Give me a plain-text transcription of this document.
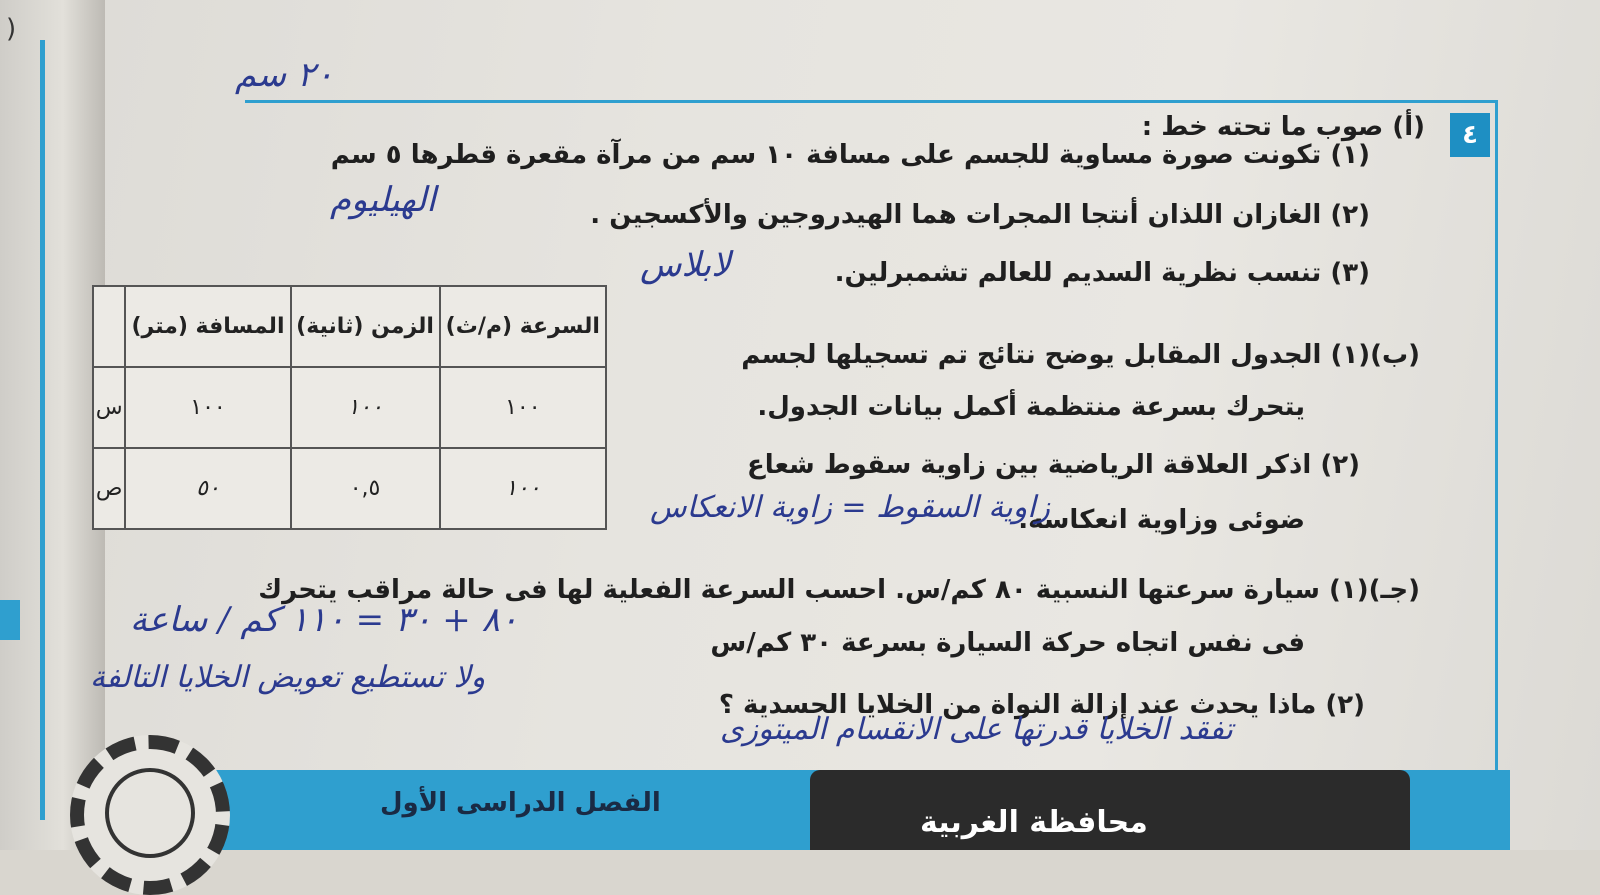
)
٤
٢٠ سم
(أ) صوب ما تحته خط :
(١) تكونت صورة مساوية للجسم على مسافة ١٠ سم من مرآة مقعرة قطرها ٥ سم
(٢) الغازان اللذان أنتجا المجرات هما الهيدروجين والأكسجين .
الهيليوم
(٣) تنسب نظرية السديم للعالم تشمبرلين.
لابلاس
السرعة (م/ث)	الزمن (ثانية)	المسافة (متر)	
١٠٠	١٠٠	١٠٠	س
١٠٠	٠,٥	٥٠	ص
(ب)(١) الجدول المقابل يوضح نتائج تم تسجيلها لجسم
يتحرك بسرعة منتظمة أكمل بيانات الجدول.
(٢) اذكر العلاقة الرياضية بين زاوية سقوط شعاع
ضوئى وزاوية انعكاسه.
زاوية السقوط = زاوية الانعكاس
(جـ)(١) سيارة سرعتها النسبية ٨٠ كم/س. احسب السرعة الفعلية لها فى حالة مراقب يتحرك
٨٠ + ٣٠ = ١١٠ كم / ساعة
فى نفس اتجاه حركة السيارة بسرعة ٣٠ كم/س
(٢) ماذا يحدث عند إزالة النواة من الخلايا الجسدية ؟
ولا تستطيع تعويض الخلايا التالفة
تفقد الخلايا قدرتها على الانقسام الميتوزى
الفصل الدراسى الأول
محافظة الغربية
